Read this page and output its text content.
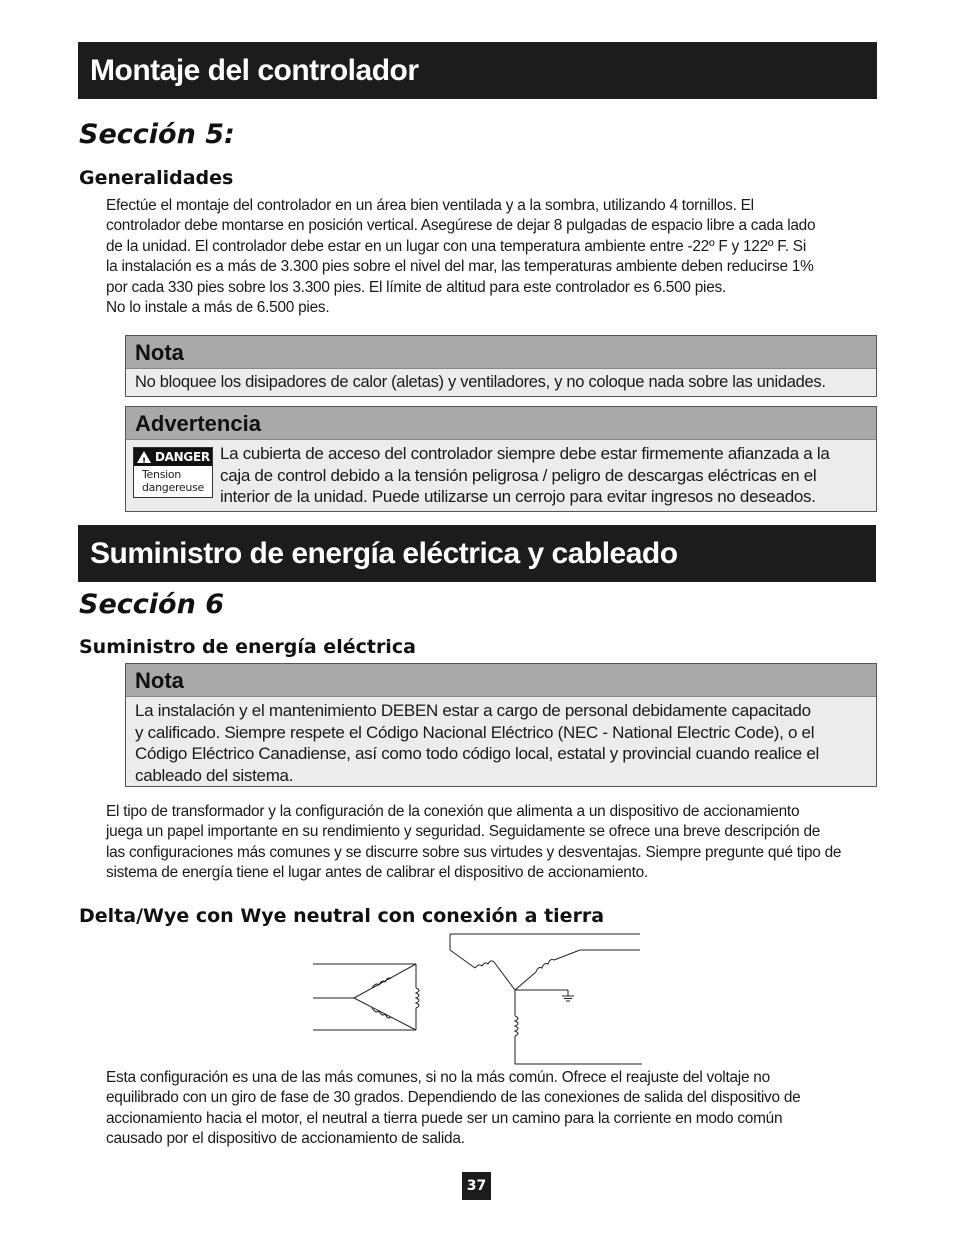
Montaje del controlador
Sección 5:
Generalidades

Efectúe el montaje del controlador en un área bien ventilada y a la sombra, utilizando 4 tornillos. El

controlador debe montarse en posición vertical. Asegúrese de dejar 8 pulgadas de espacio libre a cada lado

de la unidad. El controlador debe estar en un lugar con una temperatura ambiente entre -22º F y 122º F. Si

la instalación es a más de 3.300 pies sobre el nivel del mar, las temperaturas ambiente deben reducirse 1%

por cada 330 pies sobre los 3.300 pies. El límite de altitud para este controlador es 6.500 pies.

No lo instale a más de 6.500 pies.

Nota
No bloquee los disipadores de calor (aletas) y ventiladores, y no coloque nada sobre las unidades.
Advertencia
! DANGER
Tension
dangereuse

La cubierta de acceso del controlador siempre debe estar firmemente afianzada a la

caja de control debido a la tensión peligrosa / peligro de descargas eléctricas en el

interior de la unidad. Puede utilizarse un cerrojo para evitar ingresos no deseados.

Suministro de energía eléctrica y cableado
Sección 6
Suministro de energía eléctrica
Nota

La instalación y el mantenimiento DEBEN estar a cargo de personal debidamente capacitado

y calificado. Siempre respete el Código Nacional Eléctrico (NEC - National Electric Code), o el

Código Eléctrico Canadiense, así como todo código local, estatal y provincial cuando realice el

cableado del sistema.

El tipo de transformador y la configuración de la conexión que alimenta a un dispositivo de accionamiento

juega un papel importante en su rendimiento y seguridad. Seguidamente se ofrece una breve descripción de

las configuraciones más comunes y se discurre sobre sus virtudes y desventajas. Siempre pregunte qué tipo de

sistema de energía tiene el lugar antes de calibrar el dispositivo de accionamiento.

Delta/Wye con Wye neutral con conexión a tierra

Esta configuración es una de las más comunes, si no la más común. Ofrece el reajuste del voltaje no

equilibrado con un giro de fase de 30 grados. Dependiendo de las conexiones de salida del dispositivo de

accionamiento hacia el motor, el neutral a tierra puede ser un camino para la corriente en modo común

causado por el dispositivo de accionamiento de salida.

37
